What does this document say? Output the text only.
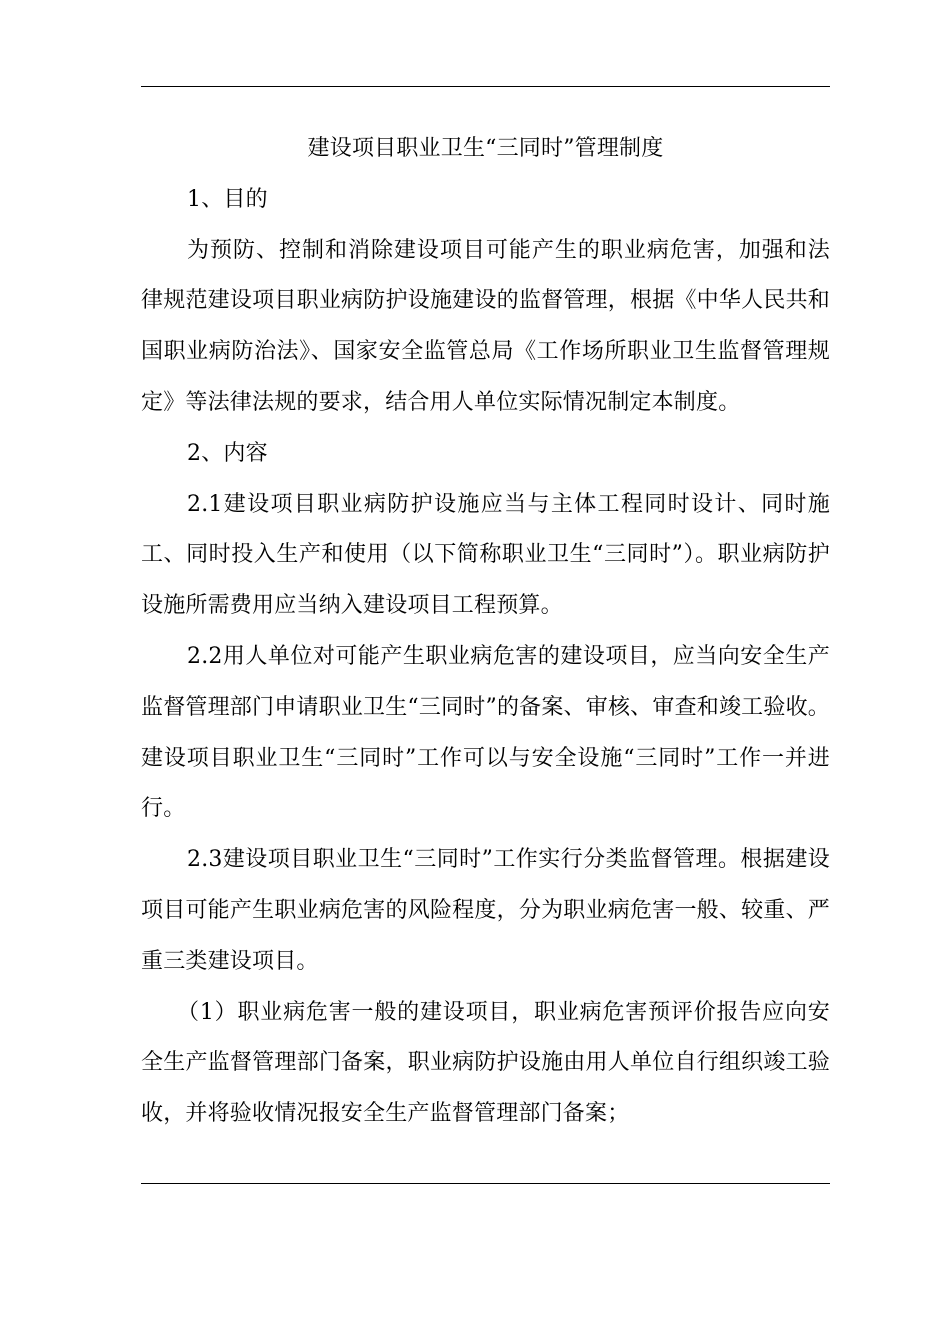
建设项目职业卫生“三同时”管理制度

1、目的

为预防、控制和消除建设项目可能产生的职业病危害，加强和法律规范建设项目职业病防护设施建设的监督管理，根据《中华人民共和国职业病防治法》、国家安全监管总局《工作场所职业卫生监督管理规定》等法律法规的要求，结合用人单位实际情况制定本制度。

2、内容

2.1建设项目职业病防护设施应当与主体工程同时设计、同时施工、同时投入生产和使用（以下简称职业卫生“三同时”）。职业病防护设施所需费用应当纳入建设项目工程预算。

2.2用人单位对可能产生职业病危害的建设项目，应当向安全生产监督管理部门申请职业卫生“三同时”的备案、审核、审查和竣工验收。建设项目职业卫生“三同时”工作可以与安全设施“三同时”工作一并进行。

2.3建设项目职业卫生“三同时”工作实行分类监督管理。根据建设项目可能产生职业病危害的风险程度，分为职业病危害一般、较重、严重三类建设项目。

（1）职业病危害一般的建设项目，职业病危害预评价报告应向安全生产监督管理部门备案，职业病防护设施由用人单位自行组织竣工验收，并将验收情况报安全生产监督管理部门备案；
